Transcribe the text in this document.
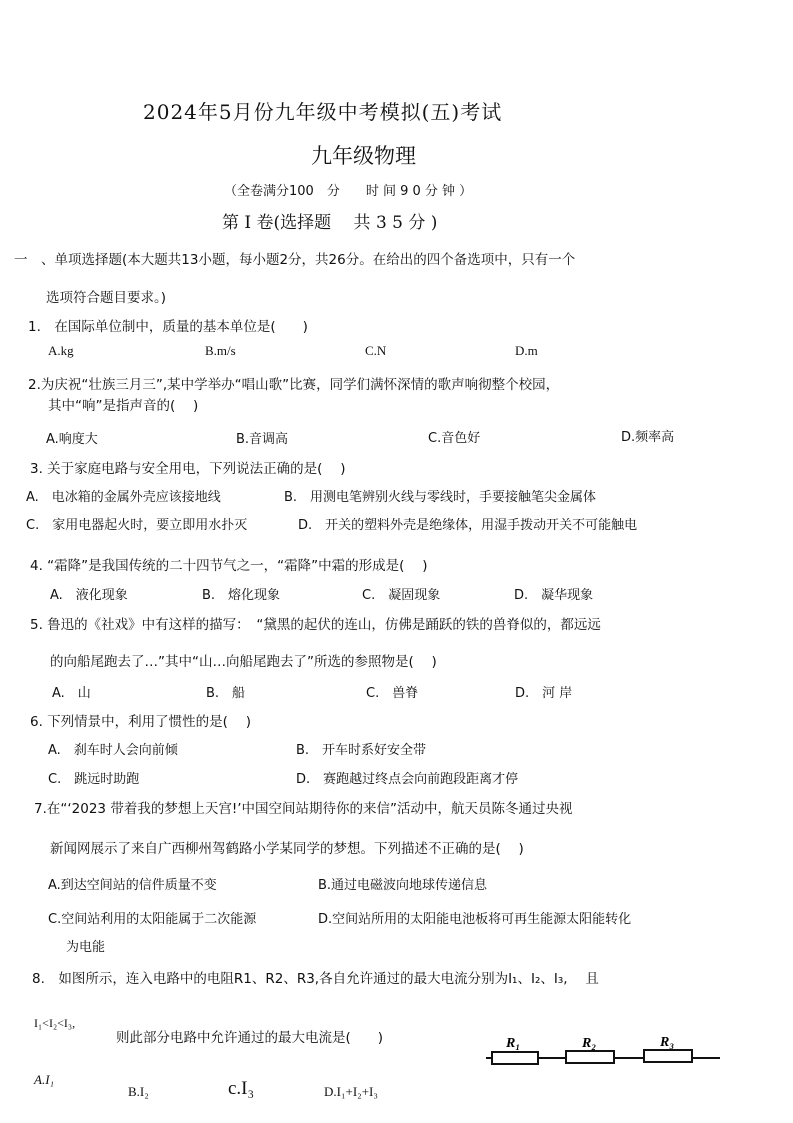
2024年5月份九年级中考模拟(五)考试
九年级物理
（全卷满分100　分　　时 间 9 0 分 钟 ）
第 I 卷(选择题　 共 3 5 分 )
一　、单项选择题(本大题共13小题，每小题2分，共26分。在给出的四个备选项中，只有一个
选项符合题目要求。)
1.　在国际单位制中，质量的基本单位是(　　)
A.kg	B.m/s	C.N	D.m
2.为庆祝“壮族三月三”,某中学举办“唱山歌”比赛，同学们满怀深情的歌声响彻整个校园，
其中“响”是指声音的(　 )
A.响度大	B.音调高	C.音色好	D.频率高
3. 关于家庭电路与安全用电，下列说法正确的是(　 )
A.　电冰箱的金属外壳应该接地线	B.　用测电笔辨别火线与零线时，手要接触笔尖金属体
C.　家用电器起火时，要立即用水扑灭	D.　开关的塑料外壳是绝缘体，用湿手拨动开关不可能触电
4. “霜降”是我国传统的二十四节气之一，“霜降”中霜的形成是(　 )
A.　液化现象	B.　熔化现象	C.　凝固现象	D.　凝华现象
5. 鲁迅的《社戏》中有这样的描写：　“黛黑的起伏的连山，仿佛是踊跃的铁的兽脊似的，都远远
的向船尾跑去了…”其中“山…向船尾跑去了”所选的参照物是(　 )
A.　山	B.　船	C.　兽脊	D.　河 岸
6. 下列情景中，利用了惯性的是(　 )
A.　刹车时人会向前倾	B.　开车时系好安全带
C.　跳远时助跑	D.　赛跑越过终点会向前跑段距离才停
7.在“‘2023 带着我的梦想上天宫!’中国空间站期待你的来信”活动中，航天员陈冬通过央视
新闻网展示了来自广西柳州驾鹤路小学某同学的梦想。下列描述不正确的是(　 )
A.到达空间站的信件质量不变	B.通过电磁波向地球传递信息
C.空间站利用的太阳能属于二次能源	D.空间站所用的太阳能电池板将可再生能源太阳能转化
为电能
8.　如图所示，连入电路中的电阻R1、R2、R3,各自允许通过的最大电流分别为I₁、I₂、I₃,　 且
I₁<I₂<I₃,
则此部分电路中允许通过的最大电流是(　　)
A.I₁
B.I₂	c.I₃	D.I₁+I₂+I₃
R₁	R₂	R₃
